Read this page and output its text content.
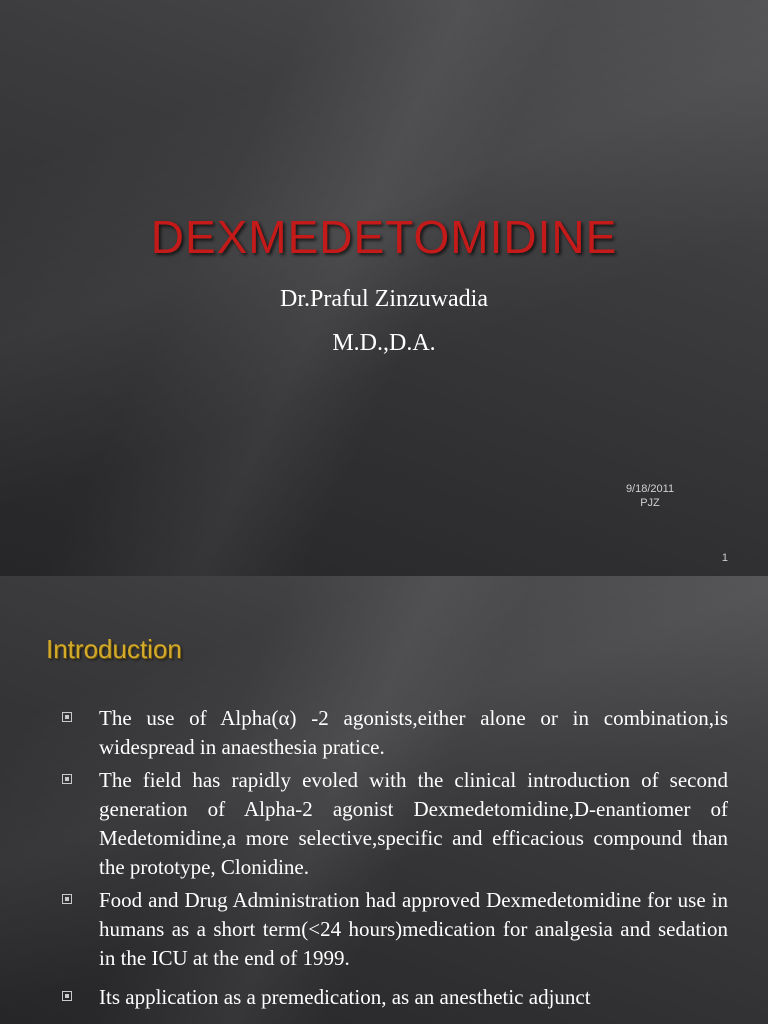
DEXMEDETOMIDINE
Dr.Praful Zinzuwadia
M.D.,D.A.
9/18/2011
PJZ
1
Introduction
The use of Alpha(α) -2 agonists,either alone or in combination,is widespread in anaesthesia pratice.
The field has rapidly evoled with the clinical introduction of second generation of Alpha-2 agonist Dexmedetomidine,D-enantiomer of Medetomidine,a more selective,specific and efficacious compound than the prototype, Clonidine.
Food and Drug Administration had approved Dexmedetomidine for use in humans as a short term(<24 hours)medication for analgesia and sedation in the ICU at the end of 1999.
Its application as a premedication, as an anesthetic adjunct
